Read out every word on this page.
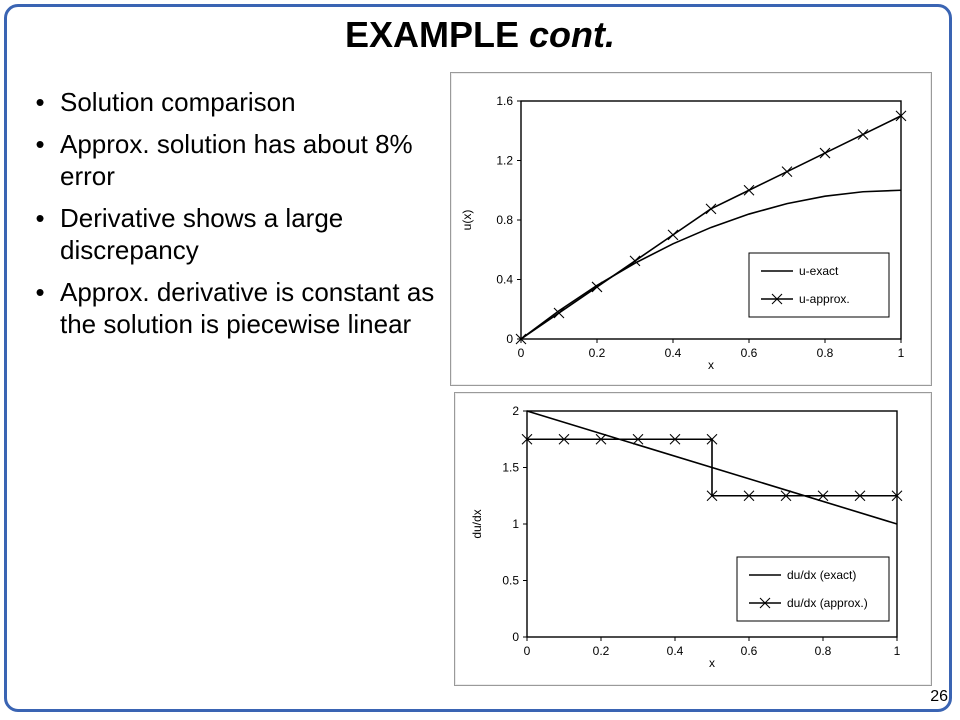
EXAMPLE cont.
• Solution comparison
• Approx. solution has about 8% error
• Derivative shows a large discrepancy
• Approx. derivative is constant as the solution is piecewise linear
0	0.2	0.4	0.6	0.8	1
0
0.4
0.8
1.2
1.6
x
u(x)
u-exact
u-approx.
0	0.2	0.4	0.6	0.8	1
0
0.5
1
1.5
2
x
du/dx
du/dx (exact)
du/dx (approx.)
26
